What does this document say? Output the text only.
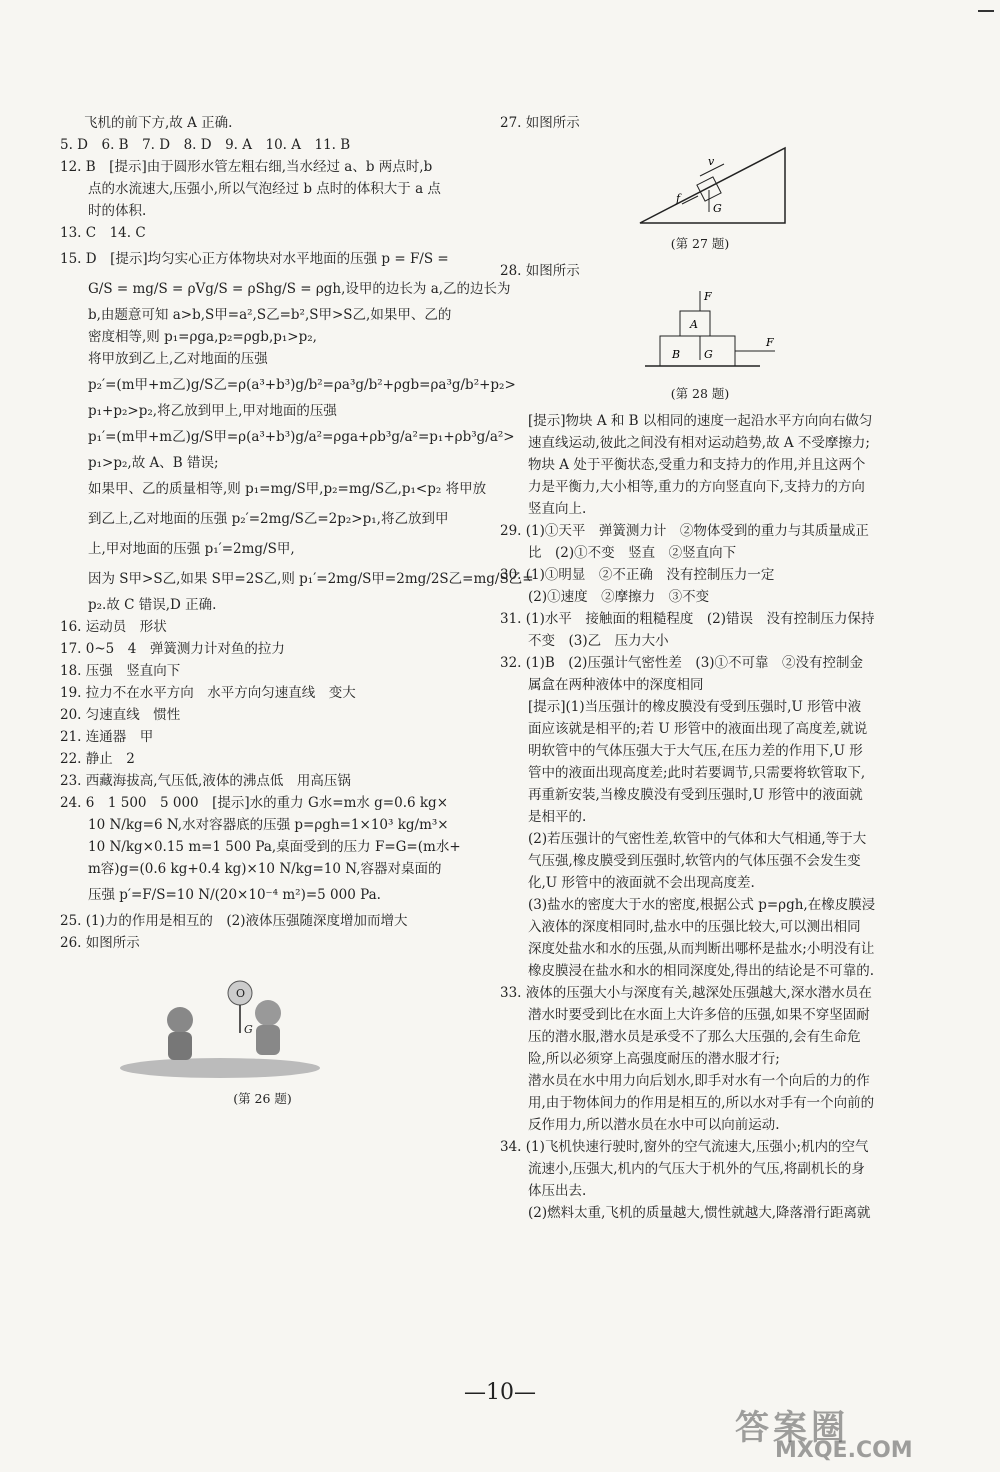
飞机的前下方,故 A 正确.

5. D　6. B　7. D　8. D　9. A　10. A　11. B

12. B　[提示]由于圆形水管左粗右细,当水经过 a、b 两点时,b

点的水流速大,压强小,所以气泡经过 b 点时的体积大于 a 点

时的体积.

13. C　14. C

15. D　[提示]均匀实心正方体物块对水平地面的压强 p = F/S =

G/S = mg/S = ρVg/S = ρShg/S = ρgh,设甲的边长为 a,乙的边长为

b,由题意可知 a>b,S甲=a²,S乙=b²,S甲>S乙,如果甲、乙的

密度相等,则 p₁=ρga,p₂=ρgb,p₁>p₂,

将甲放到乙上,乙对地面的压强

p₂′=(m甲+m乙)g/S乙=ρ(a³+b³)g/b²=ρa³g/b²+ρgb=ρa³g/b²+p₂>

p₁+p₂>p₂,将乙放到甲上,甲对地面的压强

p₁′=(m甲+m乙)g/S甲=ρ(a³+b³)g/a²=ρga+ρb³g/a²=p₁+ρb³g/a²>

p₁>p₂,故 A、B 错误;

如果甲、乙的质量相等,则 p₁=mg/S甲,p₂=mg/S乙,p₁<p₂ 将甲放

到乙上,乙对地面的压强 p₂′=2mg/S乙=2p₂>p₁,将乙放到甲

上,甲对地面的压强 p₁′=2mg/S甲,

因为 S甲>S乙,如果 S甲=2S乙,则 p₁′=2mg/S甲=2mg/2S乙=mg/S乙=

p₂.故 C 错误,D 正确.

16. 运动员　形状

17. 0~5　4　弹簧测力计对鱼的拉力

18. 压强　竖直向下

19. 拉力不在水平方向　水平方向匀速直线　变大

20. 匀速直线　惯性

21. 连通器　甲

22. 静止　2

23. 西藏海拔高,气压低,液体的沸点低　用高压锅

24. 6　1 500　5 000　[提示]水的重力 G水=m水 g=0.6 kg×

10 N/kg=6 N,水对容器底的压强 p=ρgh=1×10³ kg/m³×

10 N/kg×0.15 m=1 500 Pa,桌面受到的压力 F=G=(m水+

m容)g=(0.6 kg+0.4 kg)×10 N/kg=10 N,容器对桌面的

压强 p′=F/S=10 N/(20×10⁻⁴ m²)=5 000 Pa.

25. (1)力的作用是相互的　(2)液体压强随深度增加而增大

26. 如图所示

O
G

(第 26 题)

27. 如图所示

v
f
G

(第 27 题)

28. 如图所示

A
B
F
G
F

(第 28 题)

[提示]物块 A 和 B 以相同的速度一起沿水平方向向右做匀

速直线运动,彼此之间没有相对运动趋势,故 A 不受摩擦力;

物块 A 处于平衡状态,受重力和支持力的作用,并且这两个

力是平衡力,大小相等,重力的方向竖直向下,支持力的方向

竖直向上.

29. (1)①天平　弹簧测力计　②物体受到的重力与其质量成正

比　(2)①不变　竖直　②竖直向下

30. (1)①明显　②不正确　没有控制压力一定

(2)①速度　②摩擦力　③不变

31. (1)水平　接触面的粗糙程度　(2)错误　没有控制压力保持

不变　(3)乙　压力大小

32. (1)B　(2)压强计气密性差　(3)①不可靠　②没有控制金

属盒在两种液体中的深度相同

[提示](1)当压强计的橡皮膜没有受到压强时,U 形管中液

面应该就是相平的;若 U 形管中的液面出现了高度差,就说

明软管中的气体压强大于大气压,在压力差的作用下,U 形

管中的液面出现高度差;此时若要调节,只需要将软管取下,

再重新安装,当橡皮膜没有受到压强时,U 形管中的液面就

是相平的.

(2)若压强计的气密性差,软管中的气体和大气相通,等于大

气压强,橡皮膜受到压强时,软管内的气体压强不会发生变

化,U 形管中的液面就不会出现高度差.

(3)盐水的密度大于水的密度,根据公式 p=ρgh,在橡皮膜浸

入液体的深度相同时,盐水中的压强比较大,可以测出相同

深度处盐水和水的压强,从而判断出哪杯是盐水;小明没有让

橡皮膜浸在盐水和水的相同深度处,得出的结论是不可靠的.

33. 液体的压强大小与深度有关,越深处压强越大,深水潜水员在

潜水时要受到比在水面上大许多倍的压强,如果不穿坚固耐

压的潜水服,潜水员是承受不了那么大压强的,会有生命危

险,所以必须穿上高强度耐压的潜水服才行;

潜水员在水中用力向后划水,即手对水有一个向后的力的作

用,由于物体间力的作用是相互的,所以水对手有一个向前的

反作用力,所以潜水员在水中可以向前运动.

34. (1)飞机快速行驶时,窗外的空气流速大,压强小;机内的空气

流速小,压强大,机内的气压大于机外的气压,将副机长的身

体压出去.

(2)燃料太重,飞机的质量越大,惯性就越大,降落滑行距离就

—10—
答案圈
MXQE.COM
